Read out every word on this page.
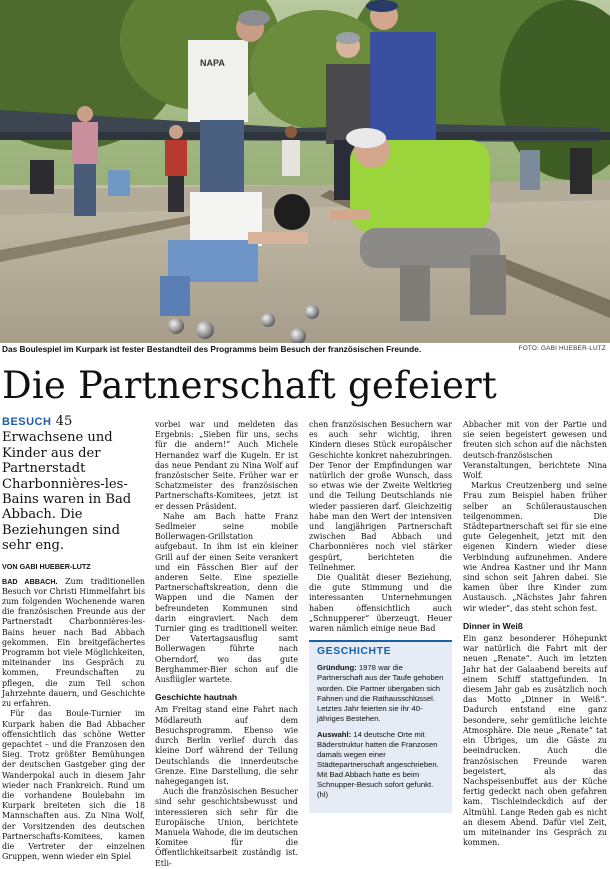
NAPA
Das Boulespiel im Kurpark ist fester Bestandteil des Programms beim Besuch der französischen Freunde.	FOTO: GABI HUEBER-LUTZ
Die Partnerschaft gefeiert

BESUCH 45 Erwachsene und Kinder aus der Partnerstadt Charbonnières-les-Bains waren in Bad Abbach. Die Beziehungen sind sehr eng.

VON GABI HUEBER-LUTZ

BAD ABBACH. Zum traditionellen Besuch vor Christi Himmelfahrt bis zum folgenden Wochenende waren die französischen Freunde aus der Partnerstadt Charbonnières-les-Bains heuer nach Bad Abbach gekommen. Ein breitgefächertes Programm bot viele Möglichkeiten, miteinander ins Gespräch zu kommen, Freundschaften zu pflegen, die zum Teil schon Jahrzehnte dauern, und Geschichte zu erfahren.

Für das Boule-Turnier im Kurpark haben die Bad Abbacher offensichtlich das schöne Wetter gepachtet – und die Franzosen den Sieg. Trotz größter Bemühungen der deutschen Gastgeber ging der Wanderpokal auch in diesem Jahr wieder nach Frankreich. Rund um die vorhandene Boulebahn im Kurpark breiteten sich die 18 Mannschaften aus. Zu Nina Wolf, der Vorsitzenden des deutschen Partnerschafts-Komitees, kamen die Vertreter der einzelnen Gruppen, wenn wieder ein Spiel

vorbei war und meldeten das Ergebnis: „Sieben für uns, sechs für die andern!“ Auch Michele Hernandez warf die Kugeln. Er ist das neue Pendant zu Nina Wolf auf französischer Seite. Früher war er Schatzmeister des französischen Partnerschafts-Komitees, jetzt ist er dessen Präsident.

Nahe am Bach hatte Franz Sedlmeier seine mobile Bollerwagen-Grillstation aufgebaut. In ihm ist ein kleiner Grill auf der einen Seite verankert und ein Fässchen Bier auf der anderen Seite. Eine spezielle Partnerschaftskreation, denn die Wappen und die Namen der befreundeten Kommunen sind darin eingraviert. Nach dem Turnier ging es traditionell weiter. Der Vatertagsausflug samt Bollerwagen führte nach Oberndorf, wo das gute Berghammer-Bier schon auf die Ausflügler wartete.

Geschichte hautnah

Am Freitag stand eine Fahrt nach Mödlareuth auf dem Besuchsprogramm. Ebenso wie durch Berlin verlief durch das kleine Dorf während der Teilung Deutschlands die innerdeutsche Grenze. Eine Darstellung, die sehr nahegegangen ist.

Auch die französischen Besucher sind sehr geschichtsbewusst und interessieren sich sehr für die Europäische Union, berichtete Manuela Wahode, die im deutschen Komitee für die Öffentlichkeitsarbeit zuständig ist. Etli-

chen französischen Besuchern war es auch sehr wichtig, ihren Kindern dieses Stück europäischer Geschichte konkret nahezubringen. Der Tenor der Empfindungen war natürlich der große Wunsch, dass so etwas wie der Zweite Weltkrieg und die Teilung Deutschlands nie wieder passieren darf. Gleichzeitig habe man den Wert der intensiven und langjährigen Partnerschaft zwischen Bad Abbach und Charbonnières noch viel stärker gespürt, berichteten die Teilnehmer.

Die Qualität dieser Beziehung, die gute Stimmung und die interessanten Unternehmungen haben offensichtlich auch „Schnupperer“ überzeugt. Heuer waren nämlich einige neue Bad

GESCHICHTE

Gründung: 1978 war die Partnerschaft aus der Taufe gehoben worden. Die Partner übergaben sich Fahnen und die Rathausschlüssel. Letztes Jahr feierten sie ihr 40-jähriges Bestehen.

Auswahl: 14 deutsche Orte mit Bäderstruktur hatten die Franzosen damals wegen einer Städtepartnerschaft angeschrieben. Mit Bad Abbach hatte es beim Schnupper-Besuch sofort gefunkt. (hl)

Abbacher mit von der Partie und sie seien begeistert gewesen und freuten sich schon auf die nächsten deutsch-französischen Veranstaltungen, berichtete Nina Wolf.

Markus Creutzenberg und seine Frau zum Beispiel haben früher selber an Schüleraustauschen teilgenommen. Die Städtepartnerschaft sei für sie eine gute Gelegenheit, jetzt mit den eigenen Kindern wieder diese Verbindung aufzunehmen. Andere wie Andrea Kastner und ihr Mann sind schon seit Jahren dabei. Sie kamen über ihre Kinder zum Austausch. „Nächstes Jahr fahren wir wieder“, das steht schon fest.

Dinner in Weiß

Ein ganz besonderer Höhepunkt war natürlich die Fahrt mit der neuen „Renate“. Auch im letzten Jahr hat der Galaabend bereits auf einem Schiff stattgefunden. In diesem Jahr gab es zusätzlich noch das Motto „Dinner in Weiß“. Dadurch entstand eine ganz besondere, sehr gemütliche leichte Atmosphäre. Die neue „Renate“ tat ein Übriges, um die Gäste zu beeindrucken. Auch die französischen Freunde waren begeistert, als das Nachspeisenbuffet aus der Küche fertig gedeckt nach oben gefahren kam. Tischleindeckdich auf der Altmühl. Lange Reden gab es nicht an diesem Abend. Dafür viel Zeit, um miteinander ins Gespräch zu kommen.
